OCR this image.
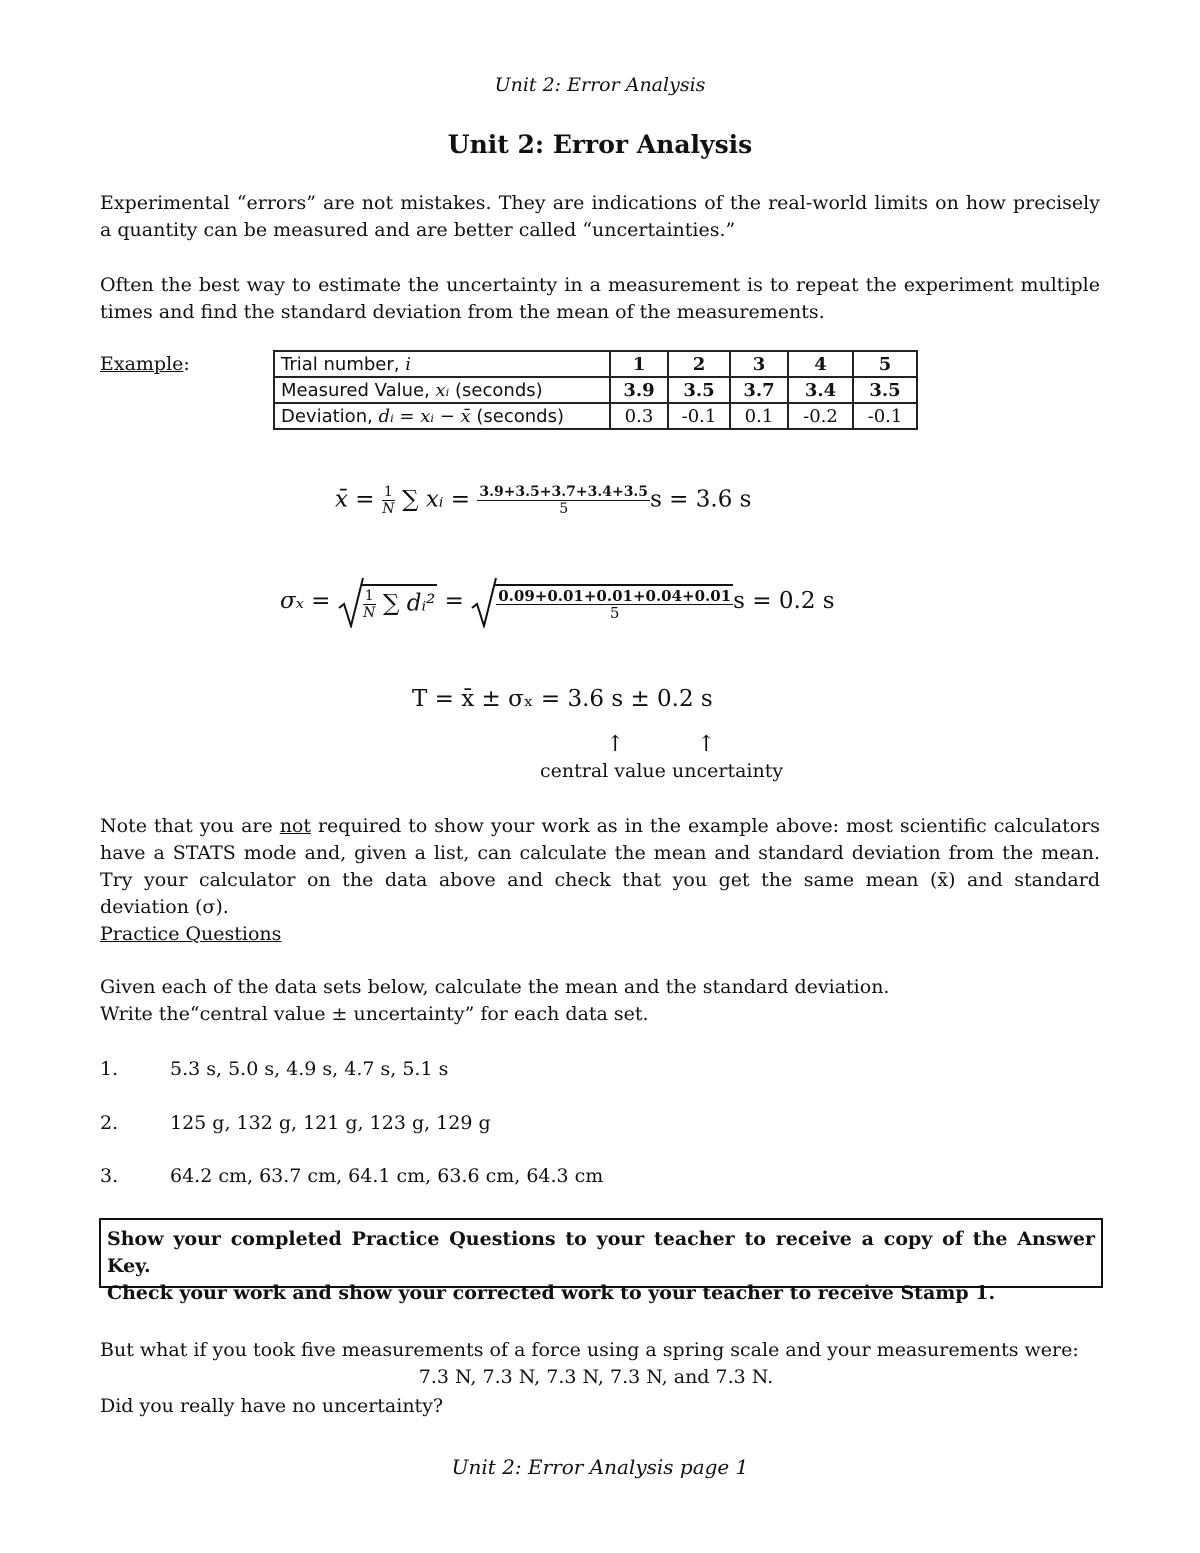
Unit 2: Error Analysis
Unit 2: Error Analysis
Experimental “errors” are not mistakes. They are indications of the real-world limits on how precisely a quantity can be measured and are better called “uncertainties.”
Often the best way to estimate the uncertainty in a measurement is to repeat the experiment multiple times and find the standard deviation from the mean of the measurements.
Example:	Trial number, i	1	2	3	4	5
Measured Value, xᵢ (seconds)	3.9	3.5	3.7	3.4	3.5
Deviation, dᵢ = xᵢ − x̄ (seconds)	0.3	-0.1	0.1	-0.2	-0.1
x̄ = $\frac{1}{N}$ ∑ xᵢ = $\frac{3.9+3.5+3.7+3.4+3.5}{5}$ s = 3.6 s
$\sigma_x = \frac{1}{N}$ ∑ dᵢ² = $\frac{0.09+0.01+0.01+0.04+0.01}{5}$ s = 0.2 s
T = x̄ ± σₓ = 3.6 s ± 0.2 s
↑	↑
central value uncertainty
Note that you are not required to show your work as in the example above: most scientific calculators have a STATS mode and, given a list, can calculate the mean and standard deviation from the mean. Try your calculator on the data above and check that you get the same mean (x̄) and standard deviation (σ).
Practice Questions
Given each of the data sets below, calculate the mean and the standard deviation.
Write the“central value ± uncertainty” for each data set.
1.	5.3 s, 5.0 s, 4.9 s, 4.7 s, 5.1 s
2.	125 g, 132 g, 121 g, 123 g, 129 g
3.	64.2 cm, 63.7 cm, 64.1 cm, 63.6 cm, 64.3 cm
Show your completed Practice Questions to your teacher to receive a copy of the Answer Key.
Check your work and show your corrected work to your teacher to receive Stamp 1.
But what if you took five measurements of a force using a spring scale and your measurements were:
7.3 N, 7.3 N, 7.3 N, 7.3 N, and 7.3 N.
Did you really have no uncertainty?
Unit 2: Error Analysis page 1
